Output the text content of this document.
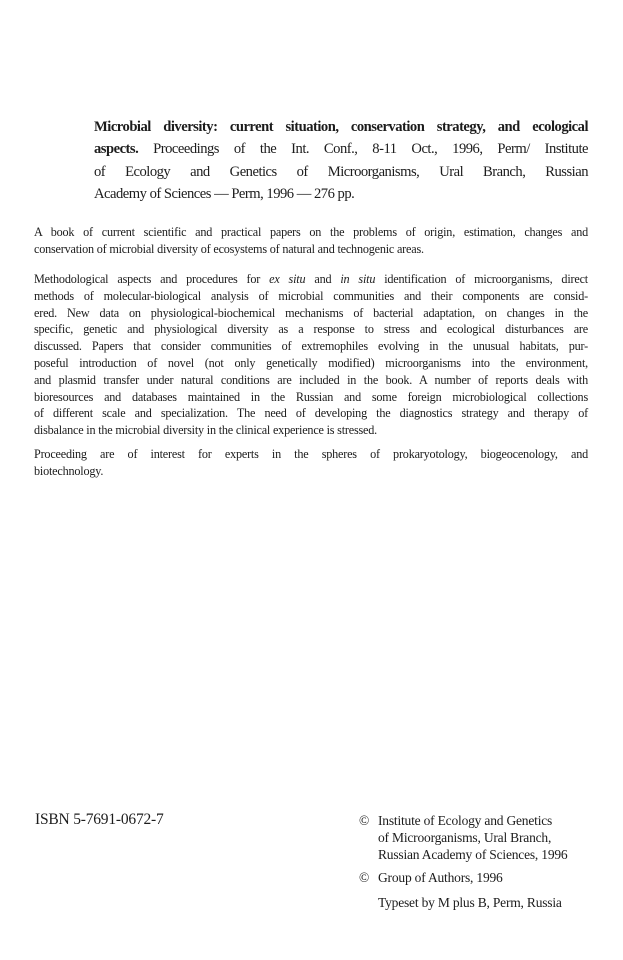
Microbial diversity: current situation, conservation strategy, and ecological
aspects. Proceedings of the Int. Conf., 8-11 Oct., 1996, Perm/ Institute
of Ecology and Genetics of Microorganisms, Ural Branch, Russian
Academy of Sciences — Perm, 1996 — 276 pp.
A book of current scientific and practical papers on the problems of origin, estimation, changes and
conservation of microbial diversity of ecosystems of natural and technogenic areas.
Methodological aspects and procedures for ex situ and in situ identification of microorganisms, direct
methods of molecular-biological analysis of microbial communities and their components are consid-
ered. New data on physiological-biochemical mechanisms of bacterial adaptation, on changes in the
specific, genetic and physiological diversity as a response to stress and ecological disturbances are
discussed. Papers that consider communities of extremophiles evolving in the unusual habitats, pur-
poseful introduction of novel (not only genetically modified) microorganisms into the environment,
and plasmid transfer under natural conditions are included in the book. A number of reports deals with
bioresources and databases maintained in the Russian and some foreign microbiological collections
of different scale and specialization. The need of developing the diagnostics strategy and therapy of
disbalance in the microbial diversity in the clinical experience is stressed.
Proceeding are of interest for experts in the spheres of prokaryotology, biogeocenology, and
biotechnology.
ISBN 5-7691-0672-7	© Institute of Ecology and Genetics
of Microorganisms, Ural Branch,
Russian Academy of Sciences, 1996
© Group of Authors, 1996
Typeset by M plus B, Perm, Russia
